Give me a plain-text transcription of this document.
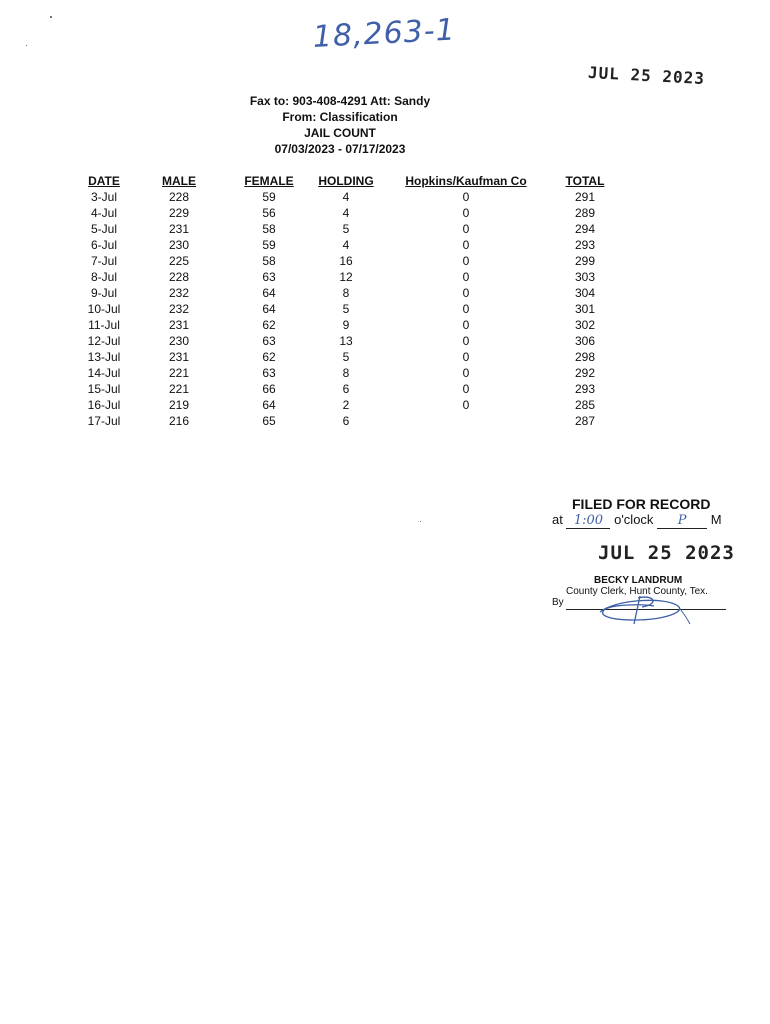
18,263-1
JUL 25 2023
Fax to: 903-408-4291 Att: Sandy
From: Classification
JAIL COUNT
07/03/2023 - 07/17/2023
DATE	MALE	FEMALE	HOLDING	Hopkins/Kaufman Co	TOTAL
3-Jul	228	59	4	0	291
4-Jul	229	56	4	0	289
5-Jul	231	58	5	0	294
6-Jul	230	59	4	0	293
7-Jul	225	58	16	0	299
8-Jul	228	63	12	0	303
9-Jul	232	64	8	0	304
10-Jul	232	64	5	0	301
11-Jul	231	62	9	0	302
12-Jul	230	63	13	0	306
13-Jul	231	62	5	0	298
14-Jul	221	63	8	0	292
15-Jul	221	66	6	0	293
16-Jul	219	64	2	0	285
17-Jul	216	65	6		287
FILED FOR RECORD
at 1:00 o'clock P M
JUL 25 2023
BECKY LANDRUM
County Clerk, Hunt County, Tex.
By
